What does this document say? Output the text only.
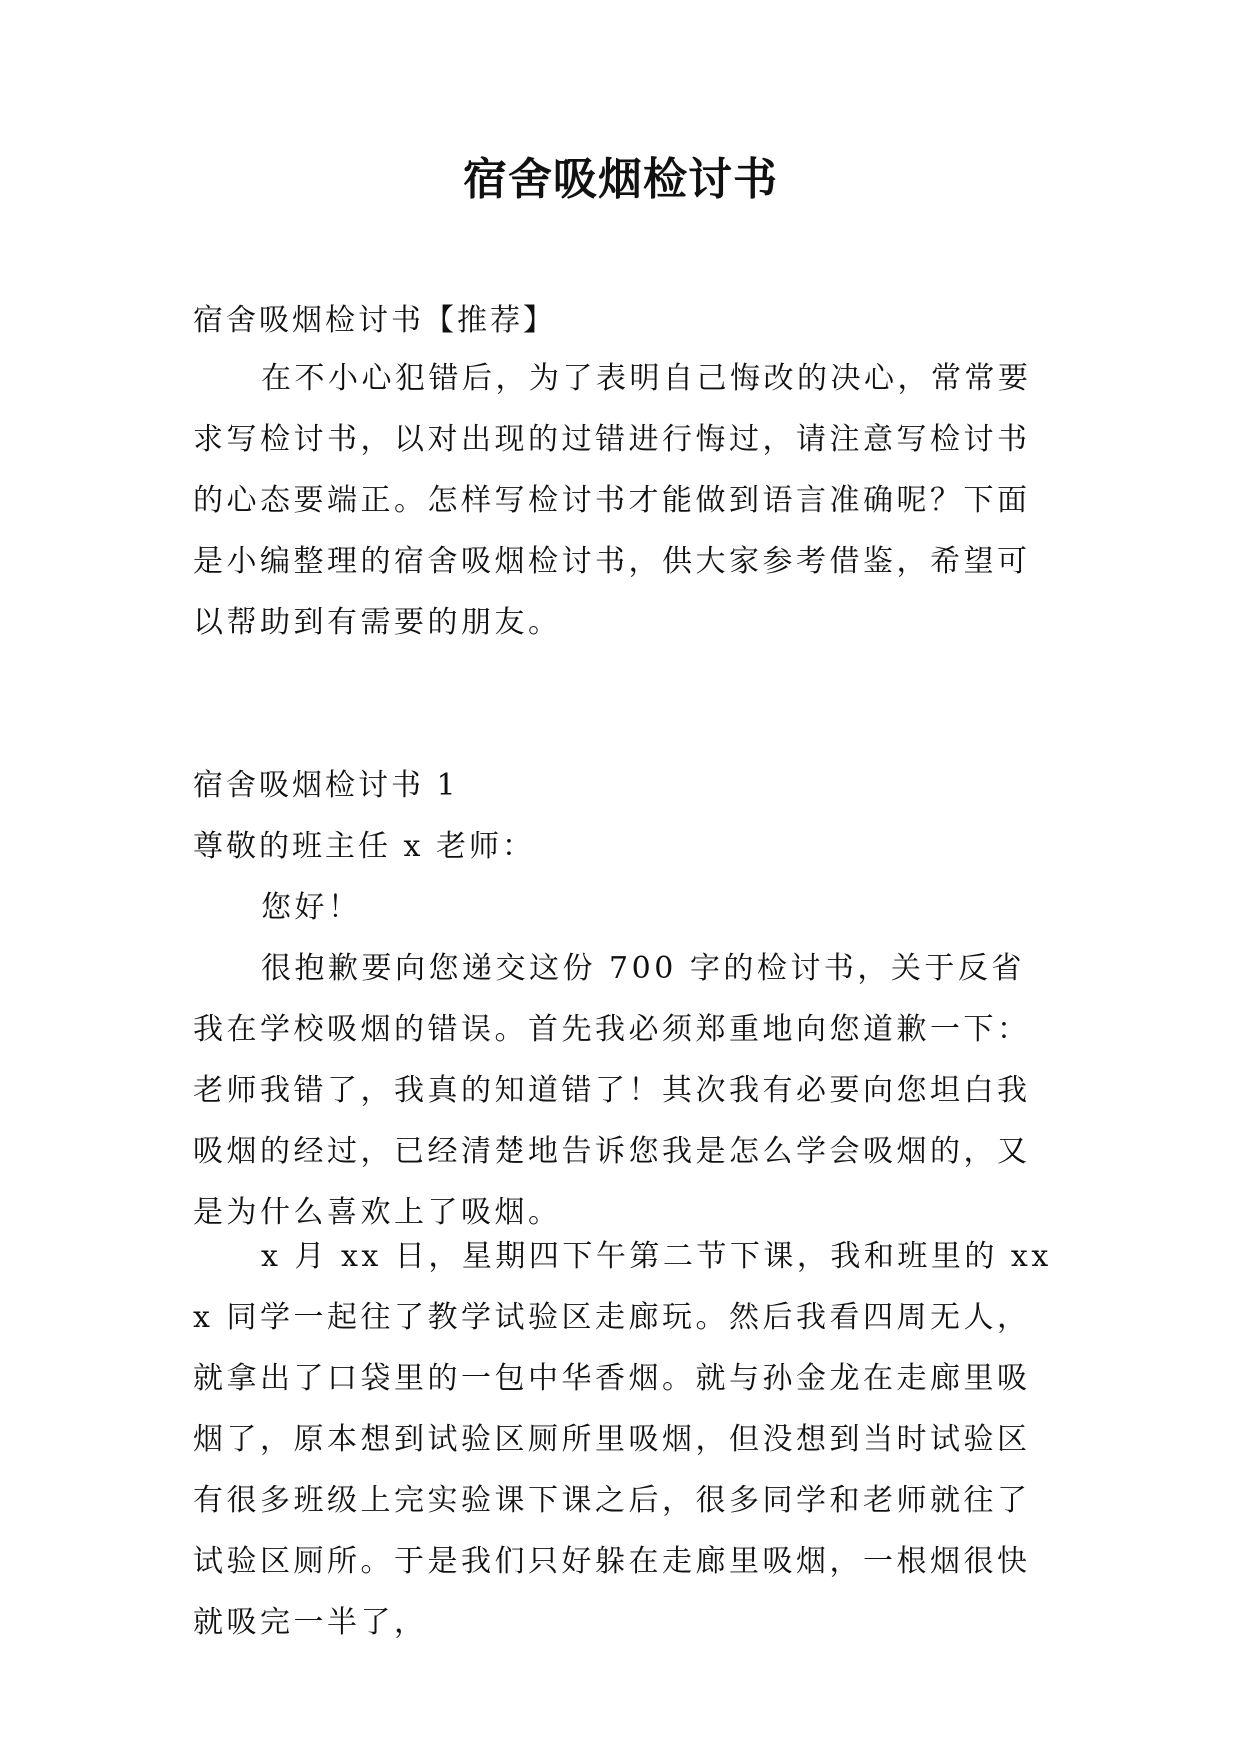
宿舍吸烟检讨书

宿舍吸烟检讨书【推荐】

在不小心犯错后，为了表明自己悔改的决心，常常要求写检讨书，以对出现的过错进行悔过，请注意写检讨书的心态要端正。怎样写检讨书才能做到语言准确呢？下面是小编整理的宿舍吸烟检讨书，供大家参考借鉴，希望可以帮助到有需要的朋友。

宿舍吸烟检讨书 1

尊敬的班主任 x 老师：

您好！

很抱歉要向您递交这份 700 字的检讨书，关于反省我在学校吸烟的错误。首先我必须郑重地向您道歉一下：老师我错了，我真的知道错了！其次我有必要向您坦白我吸烟的经过，已经清楚地告诉您我是怎么学会吸烟的，又是为什么喜欢上了吸烟。

x 月 xx 日，星期四下午第二节下课，我和班里的 xxx 同学一起往了教学试验区走廊玩。然后我看四周无人，就拿出了口袋里的一包中华香烟。就与孙金龙在走廊里吸烟了，原本想到试验区厕所里吸烟，但没想到当时试验区有很多班级上完实验课下课之后，很多同学和老师就往了试验区厕所。于是我们只好躲在走廊里吸烟，一根烟很快就吸完一半了，
